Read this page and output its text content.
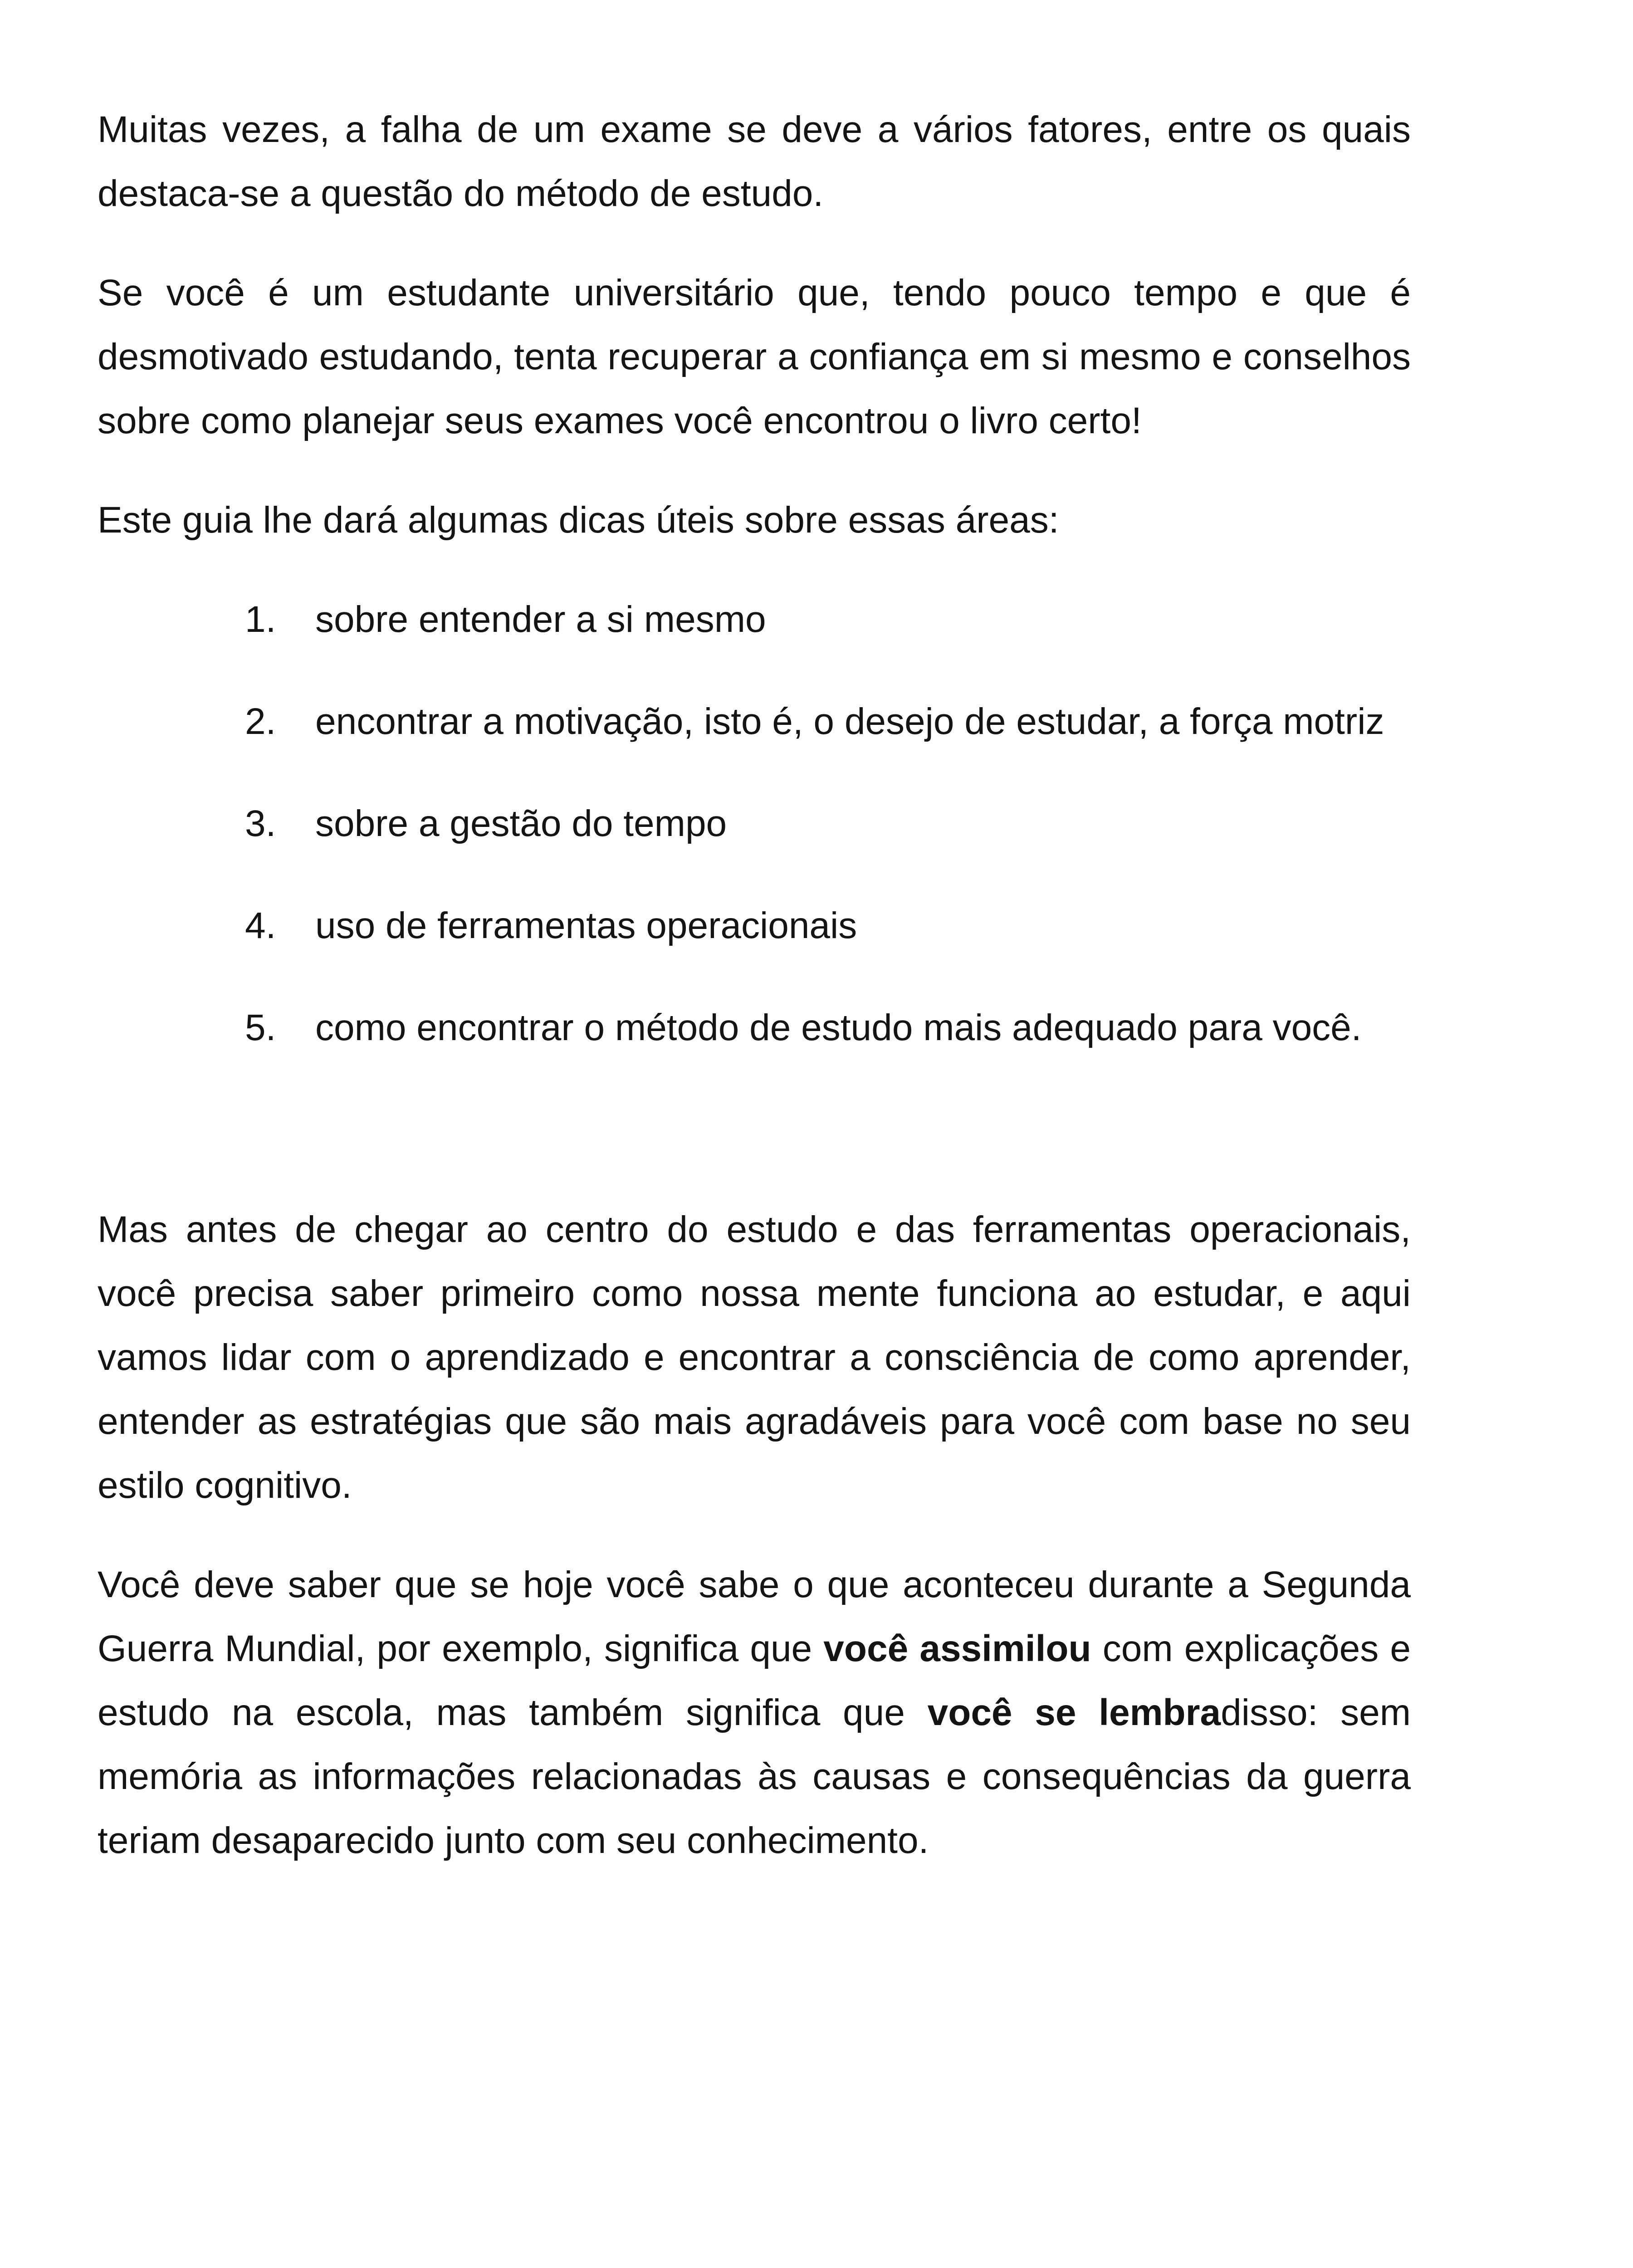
Muitas vezes, a falha de um exame se deve a vários fatores, entre os quais destaca-se a questão do método de estudo.

Se você é um estudante universitário que, tendo pouco tempo e que é desmotivado estudando, tenta recuperar a confiança em si mesmo e conselhos sobre como planejar seus exames você encontrou o livro certo!

Este guia lhe dará algumas dicas úteis sobre essas áreas:

1. sobre entender a si mesmo
2. encontrar a motivação, isto é, o desejo de estudar, a força motriz
3. sobre a gestão do tempo
4. uso de ferramentas operacionais
5. como encontrar o método de estudo mais adequado para você.

Mas antes de chegar ao centro do estudo e das ferramentas operacionais, você precisa saber primeiro como nossa mente funciona ao estudar, e aqui vamos lidar com o aprendizado e encontrar a consciência de como aprender, entender as estratégias que são mais agradáveis para você com base no seu estilo cognitivo.

Você deve saber que se hoje você sabe o que aconteceu durante a Segunda Guerra Mundial, por exemplo, significa que você assimilou com explicações e estudo na escola, mas também significa que você se lembradisso: sem memória as informações relacionadas às causas e consequências da guerra teriam desaparecido junto com seu conhecimento.
